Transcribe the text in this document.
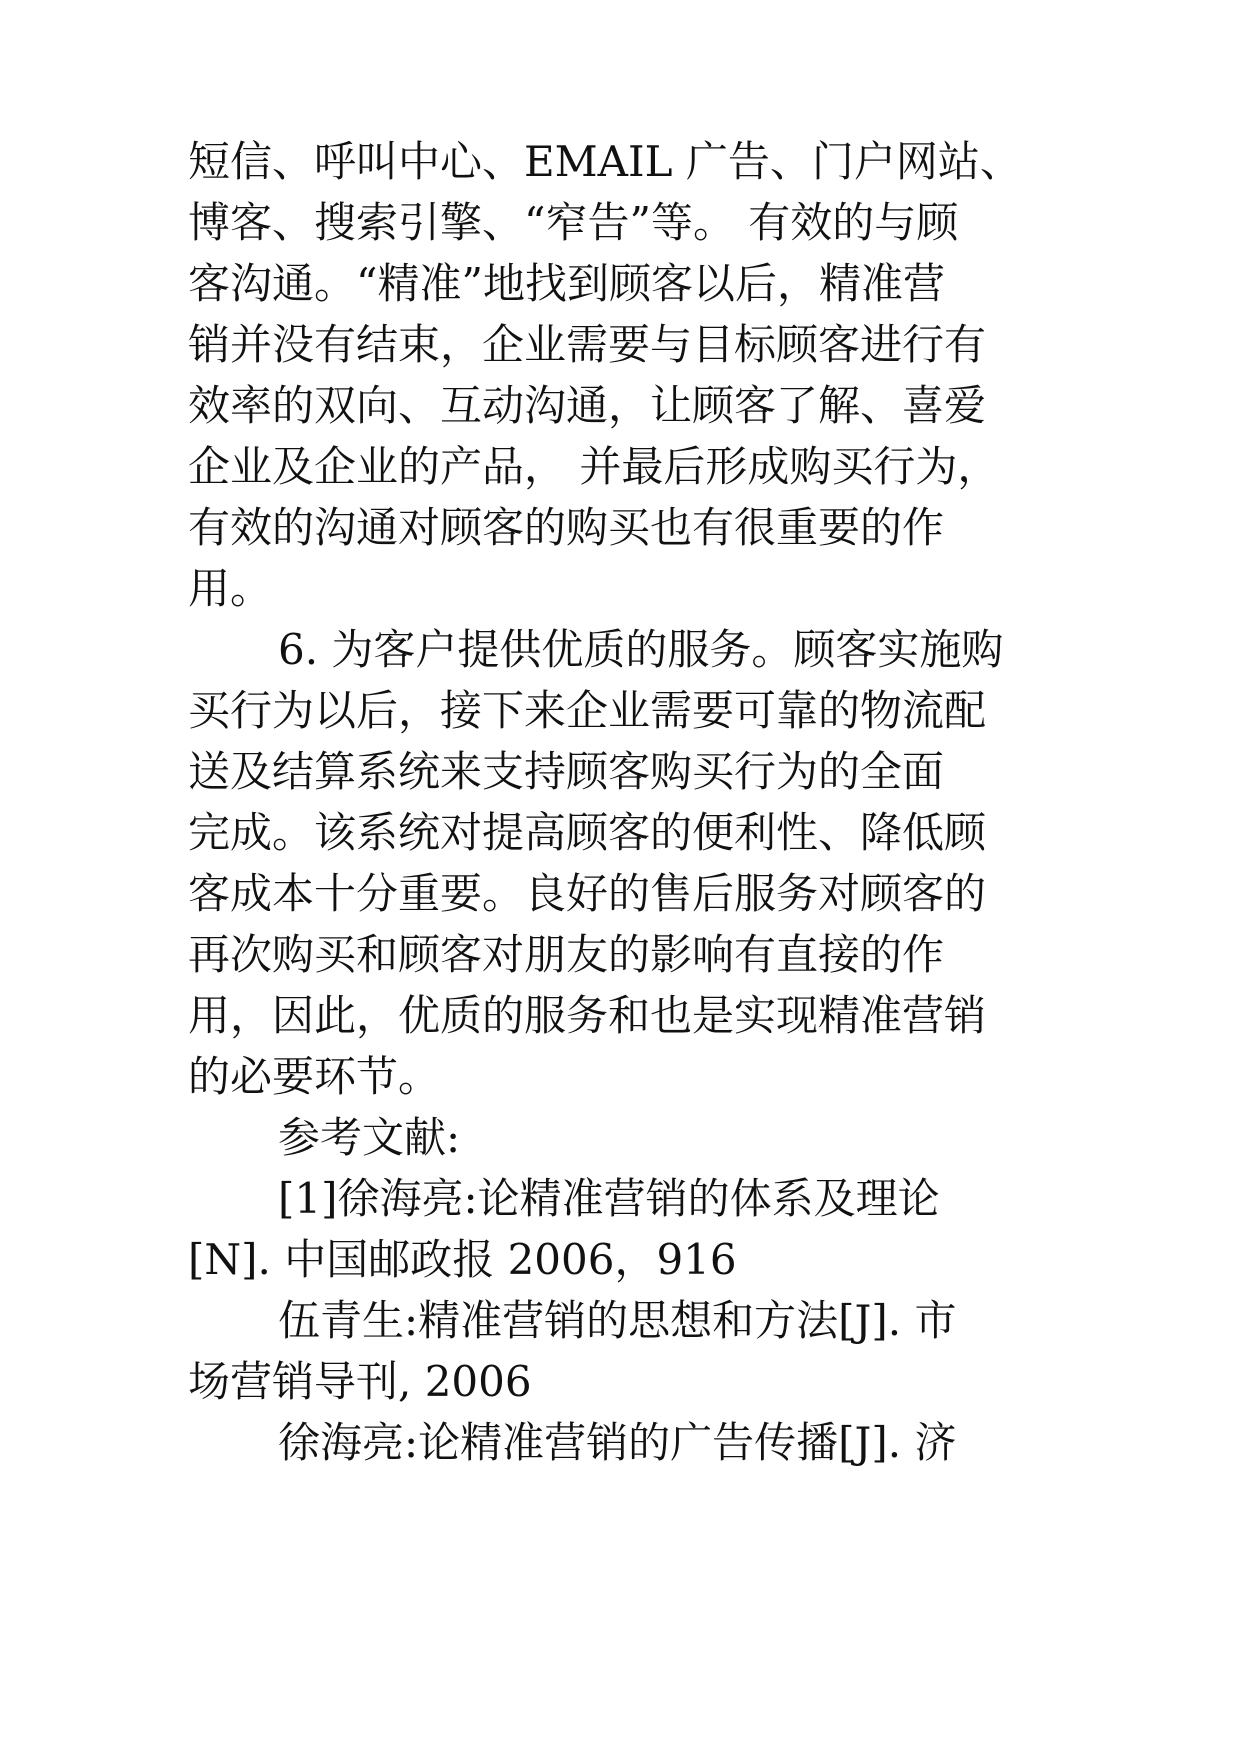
短信、呼叫中心、EMAIL 广告、门户网站、
博客、搜索引擎、“窄告”等。 有效的与顾
客沟通。“精准”地找到顾客以后，精准营
销并没有结束，企业需要与目标顾客进行有
效率的双向、互动沟通，让顾客了解、喜爱
企业及企业的产品， 并最后形成购买行为，
有效的沟通对顾客的购买也有很重要的作
用。
6. 为客户提供优质的服务。顾客实施购
买行为以后，接下来企业需要可靠的物流配
送及结算系统来支持顾客购买行为的全面
完成。该系统对提高顾客的便利性、降低顾
客成本十分重要。良好的售后服务对顾客的
再次购买和顾客对朋友的影响有直接的作
用，因此，优质的服务和也是实现精准营销
的必要环节。
参考文献:
[1]徐海亮:论精准营销的体系及理论
[N]. 中国邮政报 2006，916
伍青生:精准营销的思想和方法[J]. 市
场营销导刊, 2006
徐海亮:论精准营销的广告传播[J]. 济
